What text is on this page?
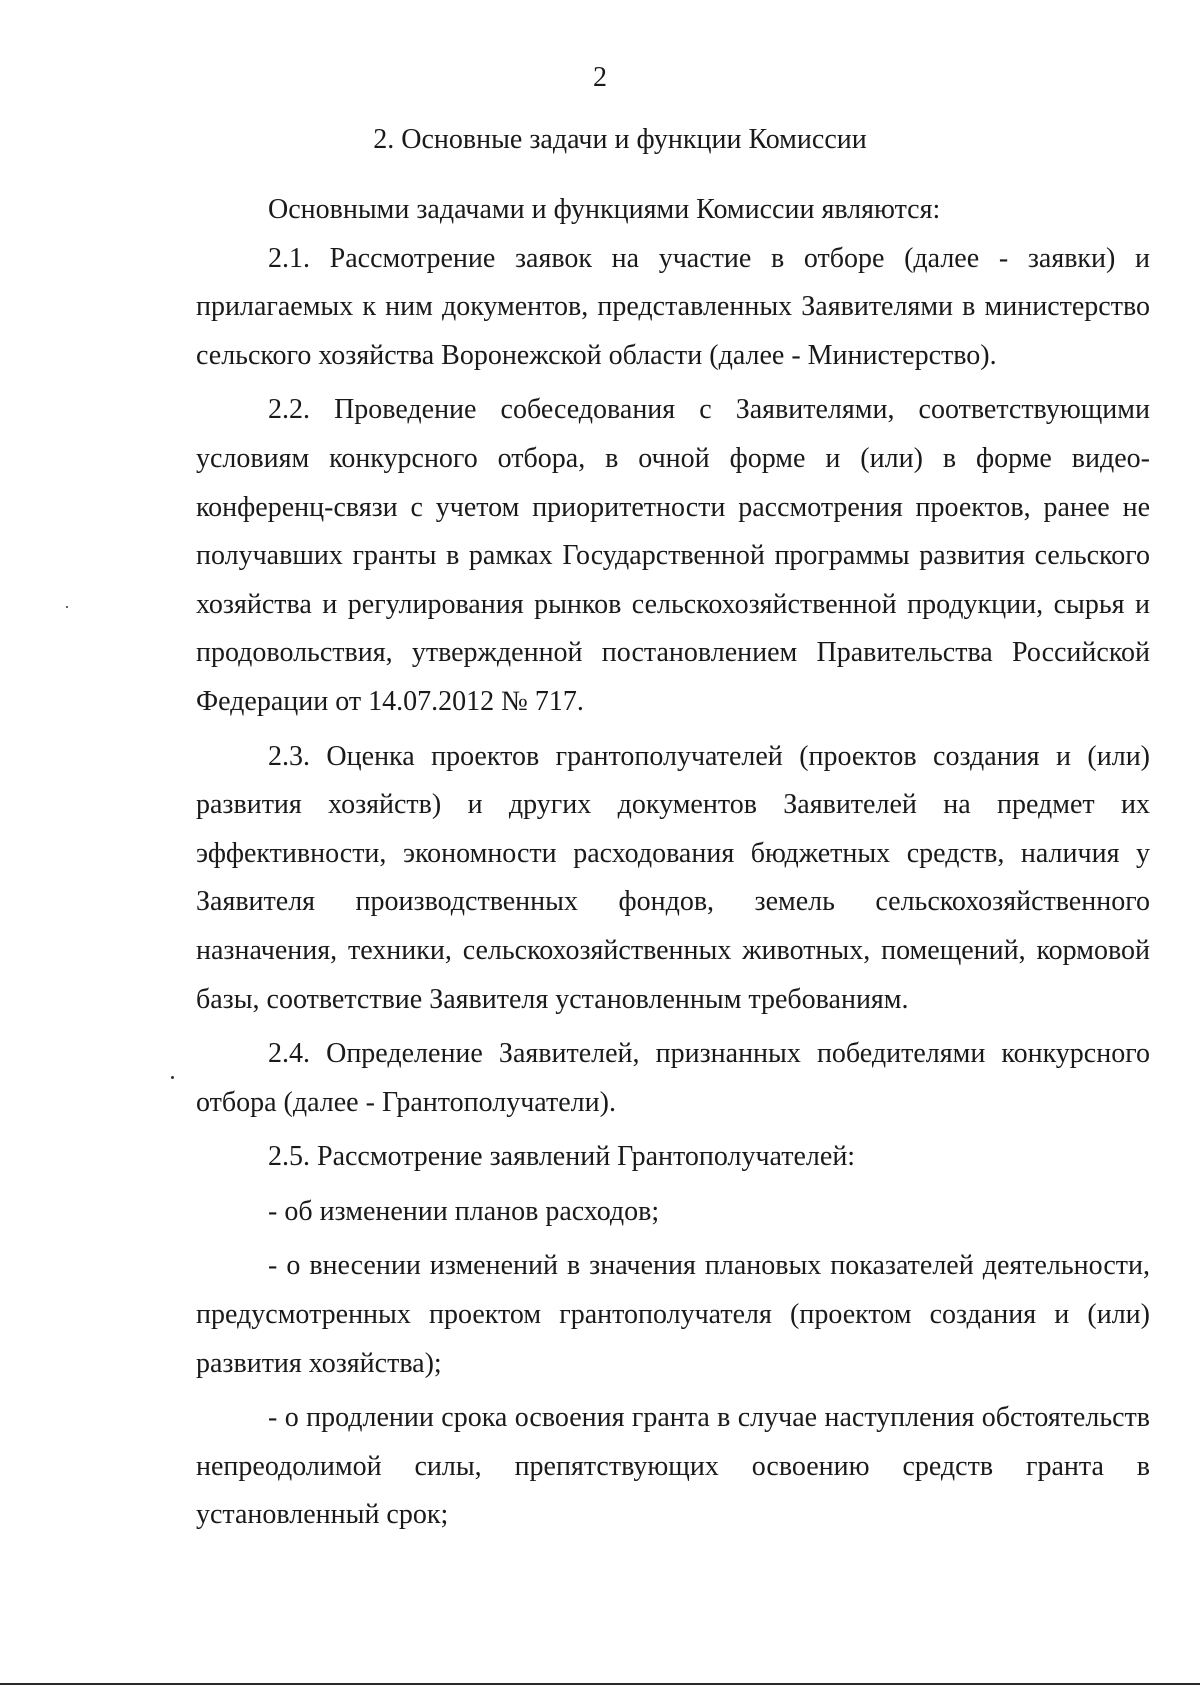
2
2. Основные задачи и функции Комиссии

Основными задачами и функциями Комиссии являются:

2.1. Рассмотрение заявок на участие в отборе (далее - заявки) и прилагаемых к ним документов, представленных Заявителями в министерство сельского хозяйства Воронежской области (далее - Министерство).

2.2. Проведение собеседования с Заявителями, соответствующими условиям конкурсного отбора, в очной форме и (или) в форме видео-конференц-связи с учетом приоритетности рассмотрения проектов, ранее не получавших гранты в рамках Государственной программы развития сельского хозяйства и регулирования рынков сельскохозяйственной продукции, сырья и продовольствия, утвержденной постановлением Правительства Российской Федерации от 14.07.2012 № 717.

2.3. Оценка проектов грантополучателей (проектов создания и (или) развития хозяйств) и других документов Заявителей на предмет их эффективности, экономности расходования бюджетных средств, наличия у Заявителя производственных фондов, земель сельскохозяйственного назначения, техники, сельскохозяйственных животных, помещений, кормовой базы, соответствие Заявителя установленным требованиям.

2.4. Определение Заявителей, признанных победителями конкурсного отбора (далее - Грантополучатели).

2.5. Рассмотрение заявлений Грантополучателей:

- об изменении планов расходов;

- о внесении изменений в значения плановых показателей деятельности, предусмотренных проектом грантополучателя (проектом создания и (или) развития хозяйства);

- о продлении срока освоения гранта в случае наступления обстоятельств непреодолимой силы, препятствующих освоению средств гранта в установленный срок;
